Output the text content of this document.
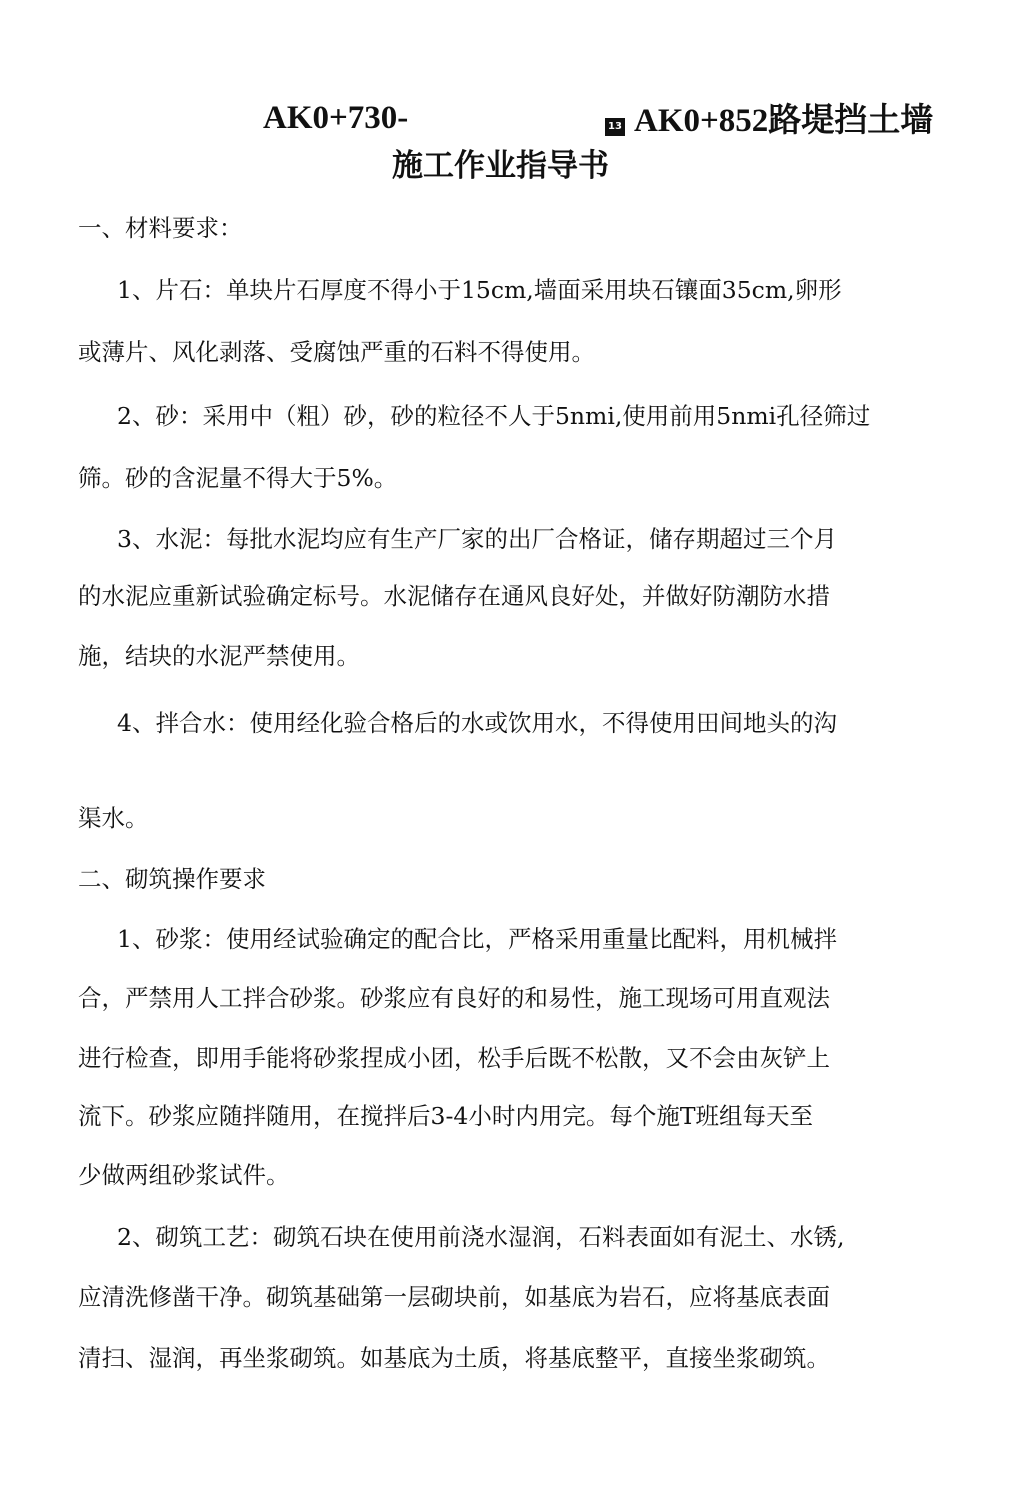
AK0+730-	13 AK0+852路堤挡土墙
施工作业指导书
一、材料要求：
1、片石：单块片石厚度不得小于15cm,墙面采用块石镶面35cm,卵形
或薄片、风化剥落、受腐蚀严重的石料不得使用。
2、砂：采用中（粗）砂，砂的粒径不人于5nmi,使用前用5nmi孔径筛过
筛。砂的含泥量不得大于5%。
3、水泥：每批水泥均应有生产厂家的出厂合格证，储存期超过三个月
的水泥应重新试验确定标号。水泥储存在通风良好处，并做好防潮防水措
施，结块的水泥严禁使用。
4、拌合水：使用经化验合格后的水或饮用水，不得使用田间地头的沟
渠水。
二、砌筑操作要求
1、砂浆：使用经试验确定的配合比，严格采用重量比配料，用机械拌
合，严禁用人工拌合砂浆。砂浆应有良好的和易性，施工现场可用直观法
进行检查，即用手能将砂浆捏成小团，松手后既不松散，又不会由灰铲上
流下。砂浆应随拌随用，在搅拌后3-4小时内用完。每个施T班组每天至
少做两组砂浆试件。
2、砌筑工艺：砌筑石块在使用前浇水湿润，石料表面如有泥土、水锈,
应清洗修凿干净。砌筑基础第一层砌块前，如基底为岩石，应将基底表面
清扫、湿润，再坐浆砌筑。如基底为土质，将基底整平，直接坐浆砌筑。
